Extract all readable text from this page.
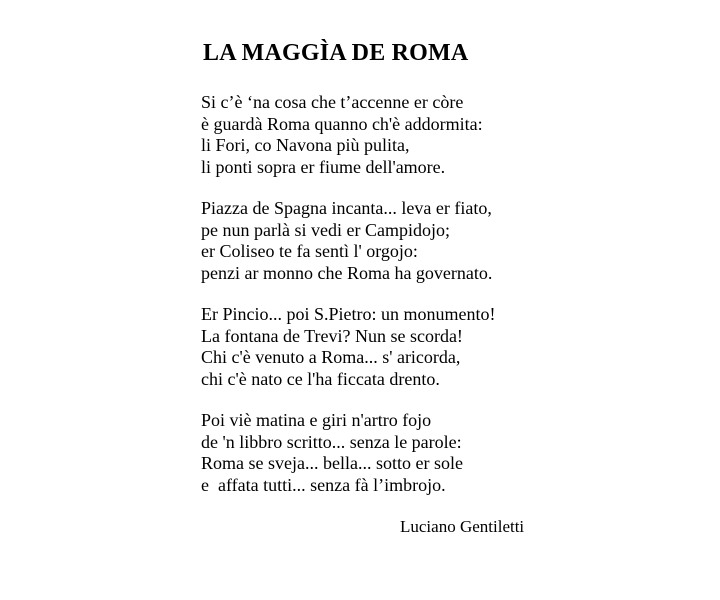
LA MAGGÌA DE ROMA

Si c’è ‘na cosa che t’accenne er còre
è guardà Roma quanno ch'è addormita:
li Fori, co Navona più pulita,
li ponti sopra er fiume dell'amore.

Piazza de Spagna incanta... leva er fiato,
pe nun parlà si vedi er Campidojo;
er Coliseo te fa sentì l' orgojo:
penzi ar monno che Roma ha governato.

Er Pincio... poi S.Pietro: un monumento!
La fontana de Trevi? Nun se scorda!
Chi c'è venuto a Roma... s' aricorda,
chi c'è nato ce l'ha ficcata drento.

Poi viè matina e giri n'artro fojo
de 'n libbro scritto... senza le parole:
Roma se sveja... bella... sotto er sole
e  affata tutti... senza fà l’imbrojo.

Luciano Gentiletti
